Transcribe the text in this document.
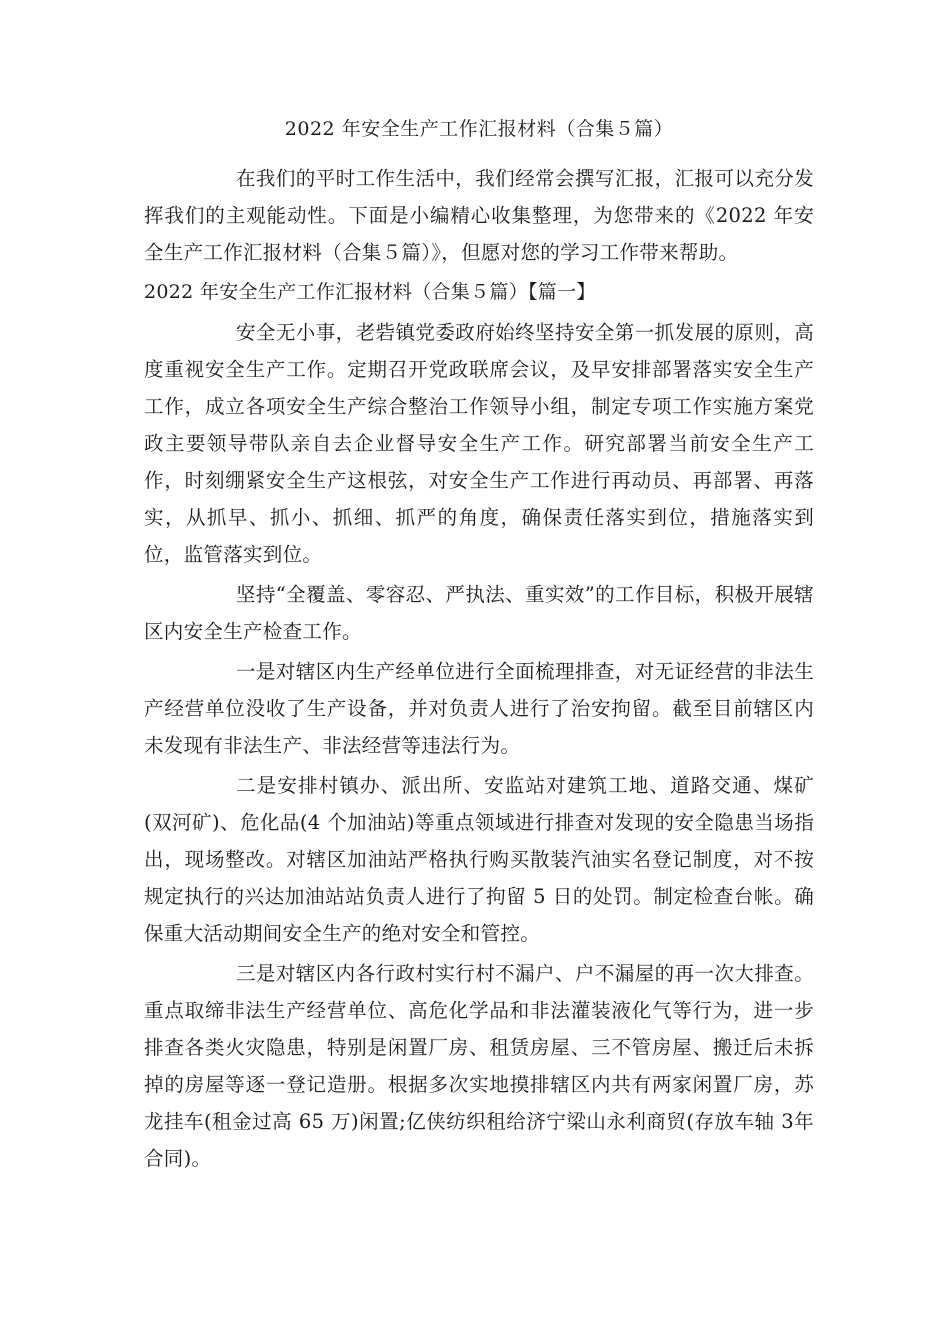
2022 年安全生产工作汇报材料（合集５篇）

在我们的平时工作生活中，我们经常会撰写汇报，汇报可以充分发挥我们的主观能动性。下面是小编精心收集整理，为您带来的《2022 年安全生产工作汇报材料（合集５篇）》，但愿对您的学习工作带来帮助。

2022 年安全生产工作汇报材料（合集５篇）【篇一】

安全无小事，老砦镇党委政府始终坚持安全第一抓发展的原则，高度重视安全生产工作。定期召开党政联席会议，及早安排部署落实安全生产工作，成立各项安全生产综合整治工作领导小组，制定专项工作实施方案党政主要领导带队亲自去企业督导安全生产工作。研究部署当前安全生产工作，时刻绷紧安全生产这根弦，对安全生产工作进行再动员、再部署、再落实，从抓早、抓小、抓细、抓严的角度，确保责任落实到位，措施落实到位，监管落实到位。

坚持“全覆盖、零容忍、严执法、重实效”的工作目标，积极开展辖区内安全生产检查工作。

一是对辖区内生产经单位进行全面梳理排查，对无证经营的非法生产经营单位没收了生产设备，并对负责人进行了治安拘留。截至目前辖区内未发现有非法生产、非法经营等违法行为。

二是安排村镇办、派出所、安监站对建筑工地、道路交通、煤矿(双河矿)、危化品(4 个加油站)等重点领域进行排查对发现的安全隐患当场指出，现场整改。对辖区加油站严格执行购买散装汽油实名登记制度，对不按规定执行的兴达加油站站负责人进行了拘留 5 日的处罚。制定检查台帐。确保重大活动期间安全生产的绝对安全和管控。

三是对辖区内各行政村实行村不漏户、户不漏屋的再一次大排查。重点取缔非法生产经营单位、高危化学品和非法灌装液化气等行为，进一步排查各类火灾隐患，特别是闲置厂房、租赁房屋、三不管房屋、搬迁后未拆掉的房屋等逐一登记造册。根据多次实地摸排辖区内共有两家闲置厂房，苏龙挂车(租金过高 65 万)闲置;亿侠纺织租给济宁梁山永利商贸(存放车轴 3年合同)。
